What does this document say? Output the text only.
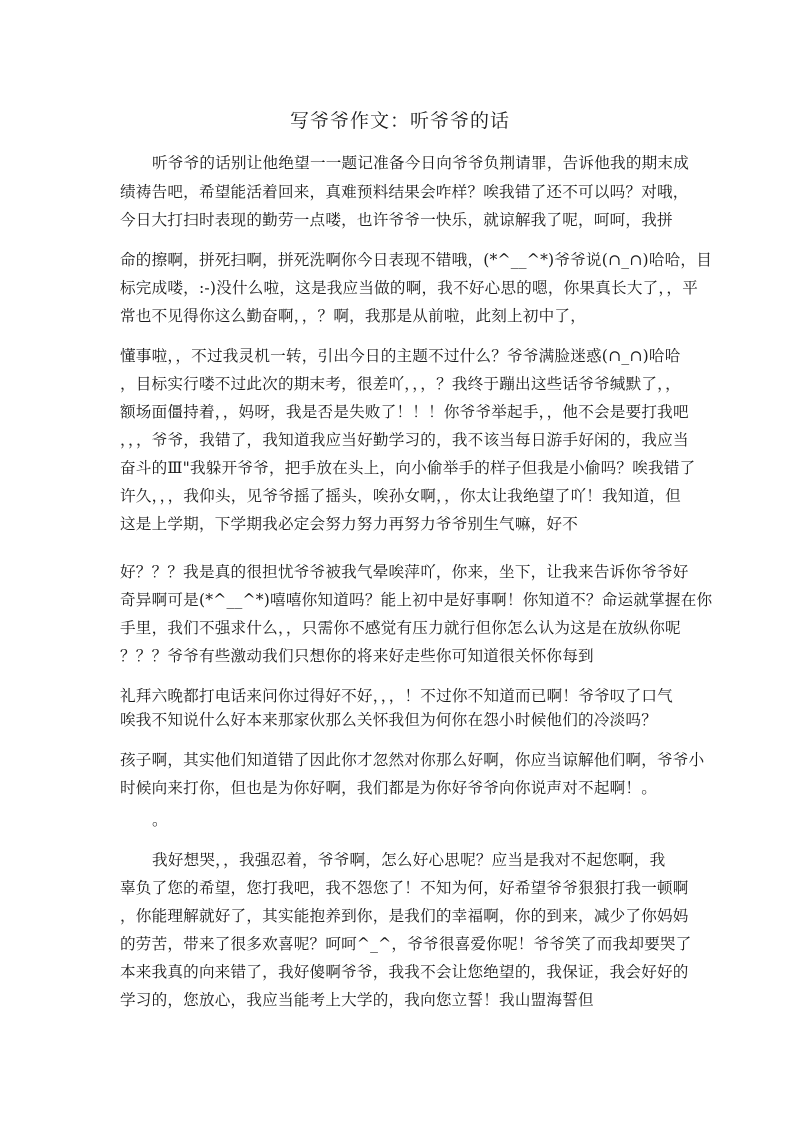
写爷爷作文：听爷爷的话
听爷爷的话别让他绝望一一题记准备今日向爷爷负荆请罪，告诉他我的期末成
绩祷告吧，希望能活着回来，真难预料结果会咋样？唉我错了还不可以吗？对哦，
今日大打扫时表现的勤劳一点喽，也许爷爷一快乐，就谅解我了呢，呵呵，我拼
命的擦啊，拼死扫啊，拼死洗啊你今日表现不错哦，(*^__^*)爷爷说(∩_∩)哈哈，目
标完成喽，:-)没什么啦，这是我应当做的啊，我不好心思的嗯，你果真长大了，，平
常也不见得你这么勤奋啊，，？啊，我那是从前啦，此刻上初中了，
懂事啦，，不过我灵机一转，引出今日的主题不过什么？爷爷满脸迷惑(∩_∩)哈哈
，目标实行喽不过此次的期末考，很差吖，，，？我终于蹦出这些话爷爷缄默了，，
额场面僵持着，，妈呀，我是否是失败了！！！你爷爷举起手，，他不会是要打我吧
，，，爷爷，我错了，我知道我应当好勤学习的，我不该当每日游手好闲的，我应当
奋斗的Ⅲ"我躲开爷爷，把手放在头上，向小偷举手的样子但我是小偷吗？唉我错了
许久，，，我仰头，见爷爷摇了摇头，唉孙女啊，，你太让我绝望了吖！我知道，但
这是上学期，下学期我必定会努力努力再努力爷爷别生气嘛，好不
好？？？我是真的很担忧爷爷被我气晕唉萍吖，你来，坐下，让我来告诉你爷爷好
奇异啊可是(*^__^*)嘻嘻你知道吗？能上初中是好事啊！你知道不？命运就掌握在你
手里，我们不强求什么，，只需你不感觉有压力就行但你怎么认为这是在放纵你呢
？？？爷爷有些激动我们只想你的将来好走些你可知道很关怀你每到
礼拜六晚都打电话来问你过得好不好，，，！不过你不知道而已啊！爷爷叹了口气
唉我不知说什么好本来那家伙那么关怀我但为何你在怨小时候他们的冷淡吗？
孩子啊，其实他们知道错了因此你才忽然对你那么好啊，你应当谅解他们啊，爷爷小
时候向来打你，但也是为你好啊，我们都是为你好爷爷向你说声对不起啊！。
。
我好想哭，，我强忍着，爷爷啊，怎么好心思呢？应当是我对不起您啊，我
辜负了您的希望，您打我吧，我不怨您了！不知为何，好希望爷爷狠狠打我一顿啊
，你能理解就好了，其实能抱养到你，是我们的幸福啊，你的到来，减少了你妈妈
的劳苦，带来了很多欢喜呢？呵呵^_^，爷爷很喜爱你呢！爷爷笑了而我却要哭了
本来我真的向来错了，我好傻啊爷爷，我我不会让您绝望的，我保证，我会好好的
学习的，您放心，我应当能考上大学的，我向您立誓！我山盟海誓但
